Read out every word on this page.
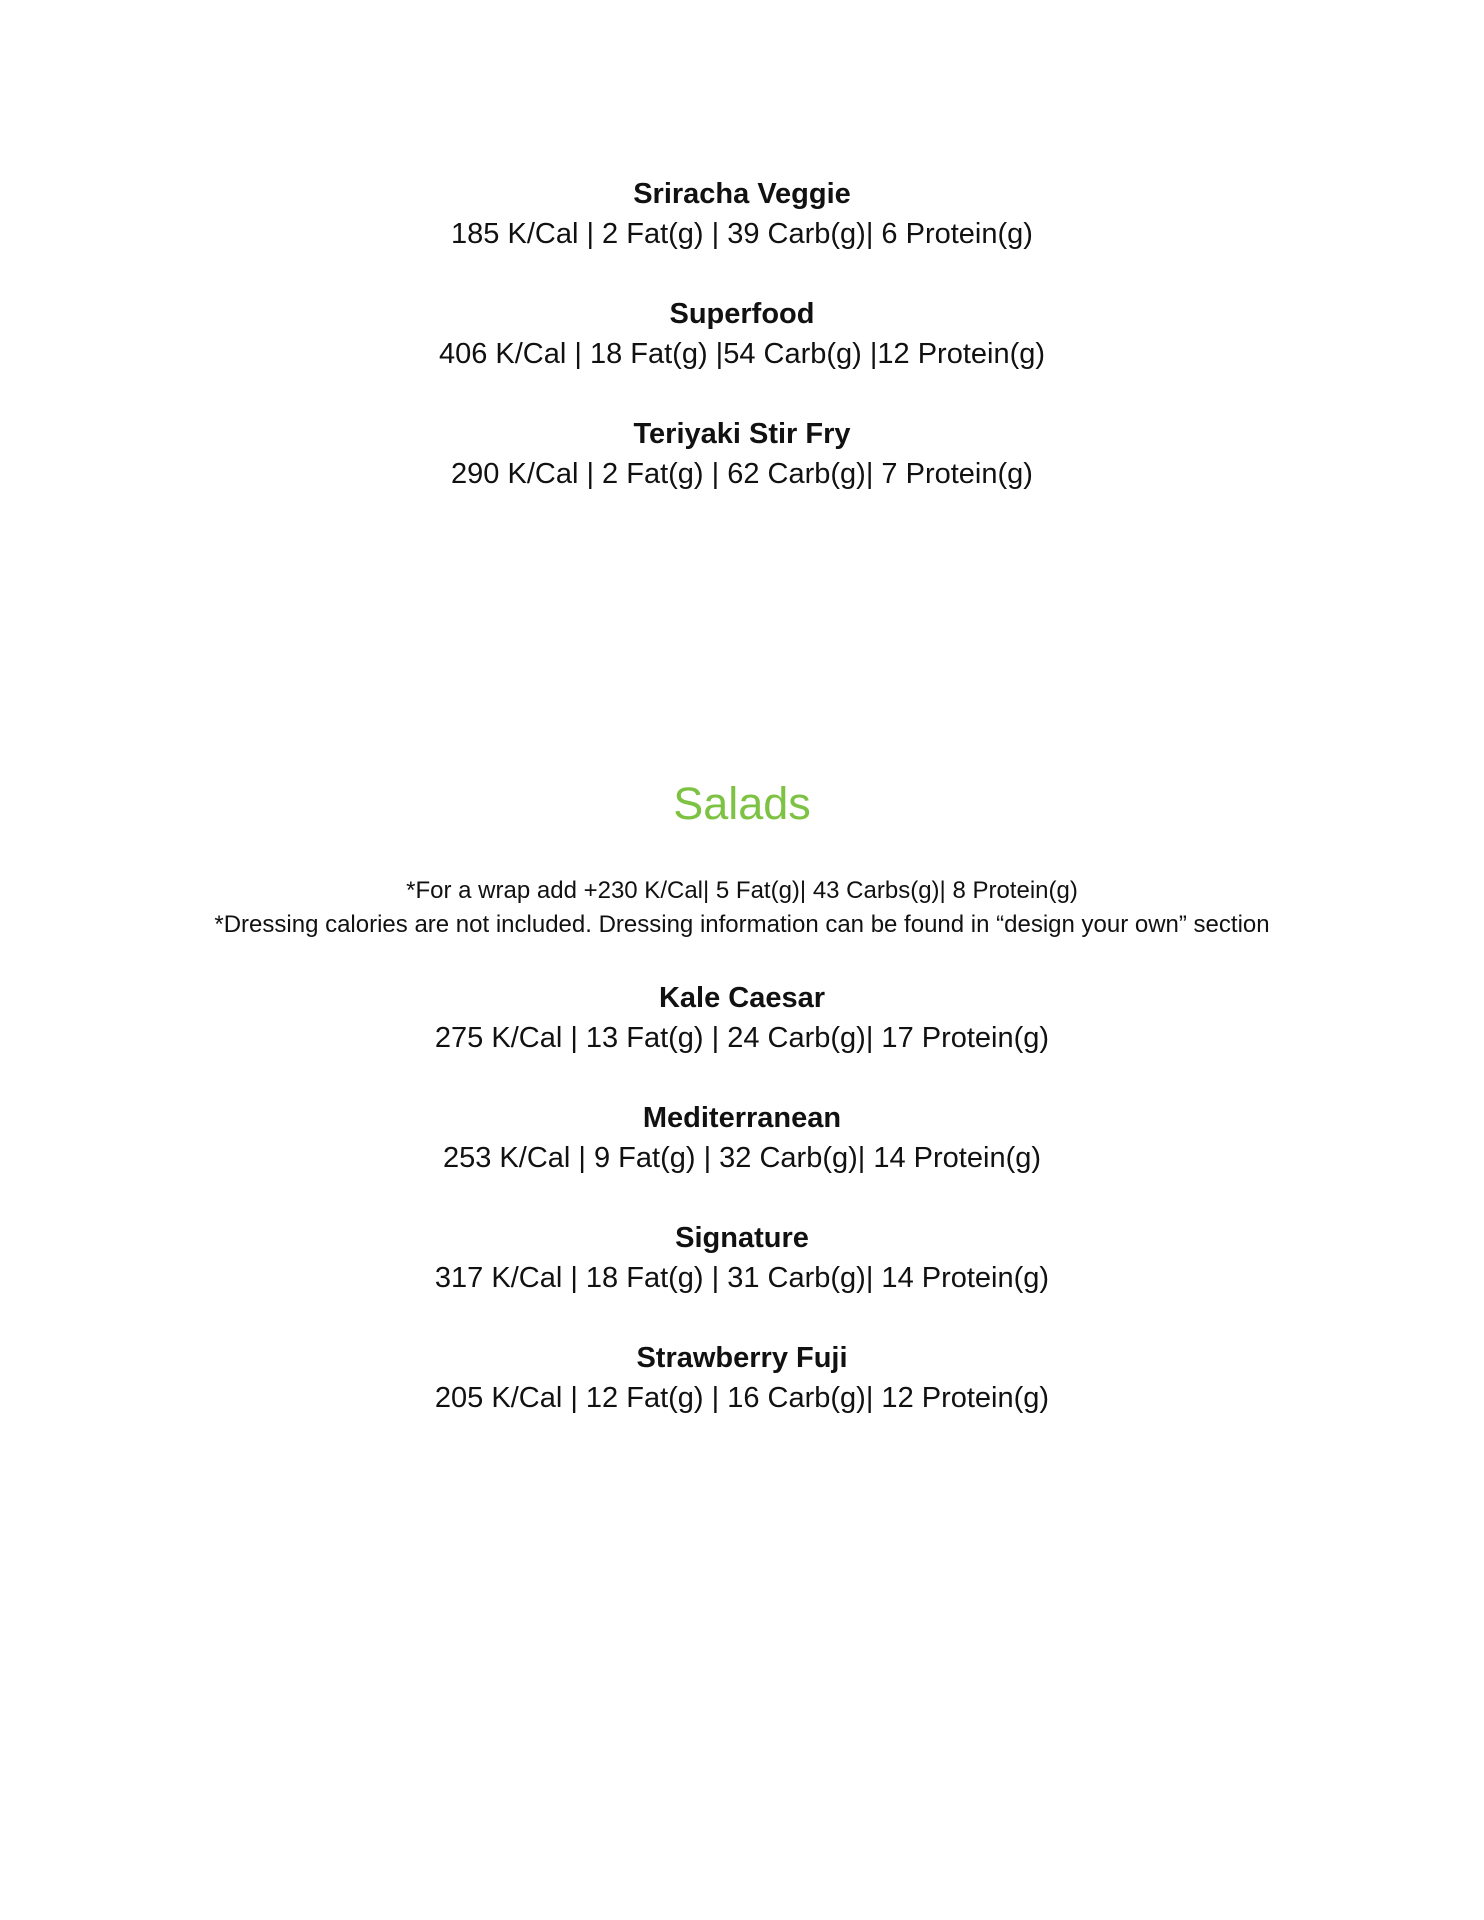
Sriracha Veggie

185 K/Cal | 2 Fat(g) | 39 Carb(g)| 6 Protein(g)

Superfood

406 K/Cal | 18 Fat(g) |54 Carb(g) |12 Protein(g)

Teriyaki Stir Fry

290 K/Cal | 2 Fat(g) | 62 Carb(g)| 7 Protein(g)

Salads

*For a wrap add +230 K/Cal| 5 Fat(g)| 43 Carbs(g)| 8 Protein(g)

*Dressing calories are not included. Dressing information can be found in “design your own” section

Kale Caesar

275 K/Cal | 13 Fat(g) | 24 Carb(g)| 17 Protein(g)

Mediterranean

253 K/Cal | 9 Fat(g) | 32 Carb(g)| 14 Protein(g)

Signature

317 K/Cal | 18 Fat(g) | 31 Carb(g)| 14 Protein(g)

Strawberry Fuji

205 K/Cal | 12 Fat(g) | 16 Carb(g)| 12 Protein(g)
